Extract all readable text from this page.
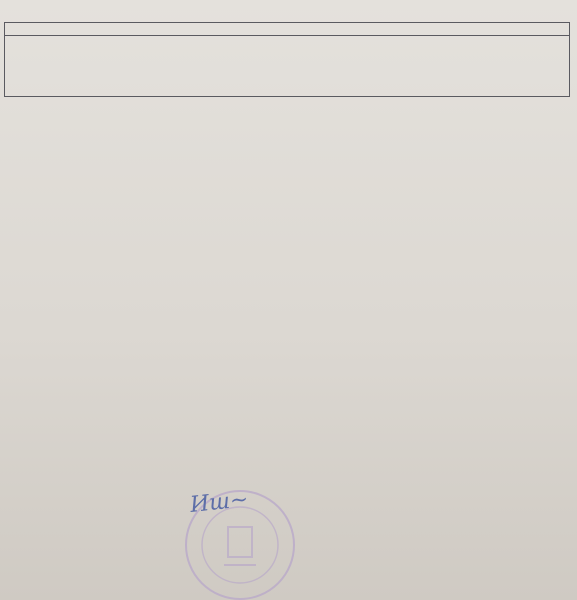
Иш~
